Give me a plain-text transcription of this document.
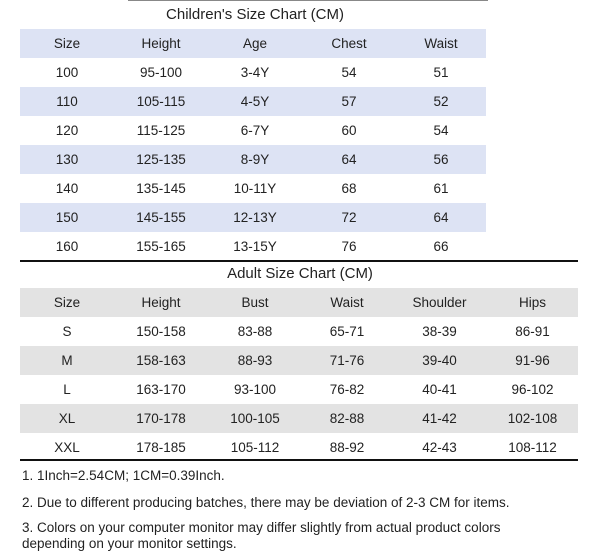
Children's Size Chart (CM)
Size	Height	Age	Chest	Waist
100	95-100	3-4Y	54	51
110	105-115	4-5Y	57	52
120	115-125	6-7Y	60	54
130	125-135	8-9Y	64	56
140	135-145	10-11Y	68	61
150	145-155	12-13Y	72	64
160	155-165	13-15Y	76	66
Adult Size Chart (CM)
Size	Height	Bust	Waist	Shoulder	Hips
S	150-158	83-88	65-71	38-39	86-91
M	158-163	88-93	71-76	39-40	91-96
L	163-170	93-100	76-82	40-41	96-102
XL	170-178	100-105	82-88	41-42	102-108
XXL	178-185	105-112	88-92	42-43	108-112
1. 1Inch=2.54CM; 1CM=0.39Inch.
2. Due to different producing batches, there may be deviation of 2-3 CM for items.
3. Colors on your computer monitor may differ slightly from actual product colors
depending on your monitor settings.
